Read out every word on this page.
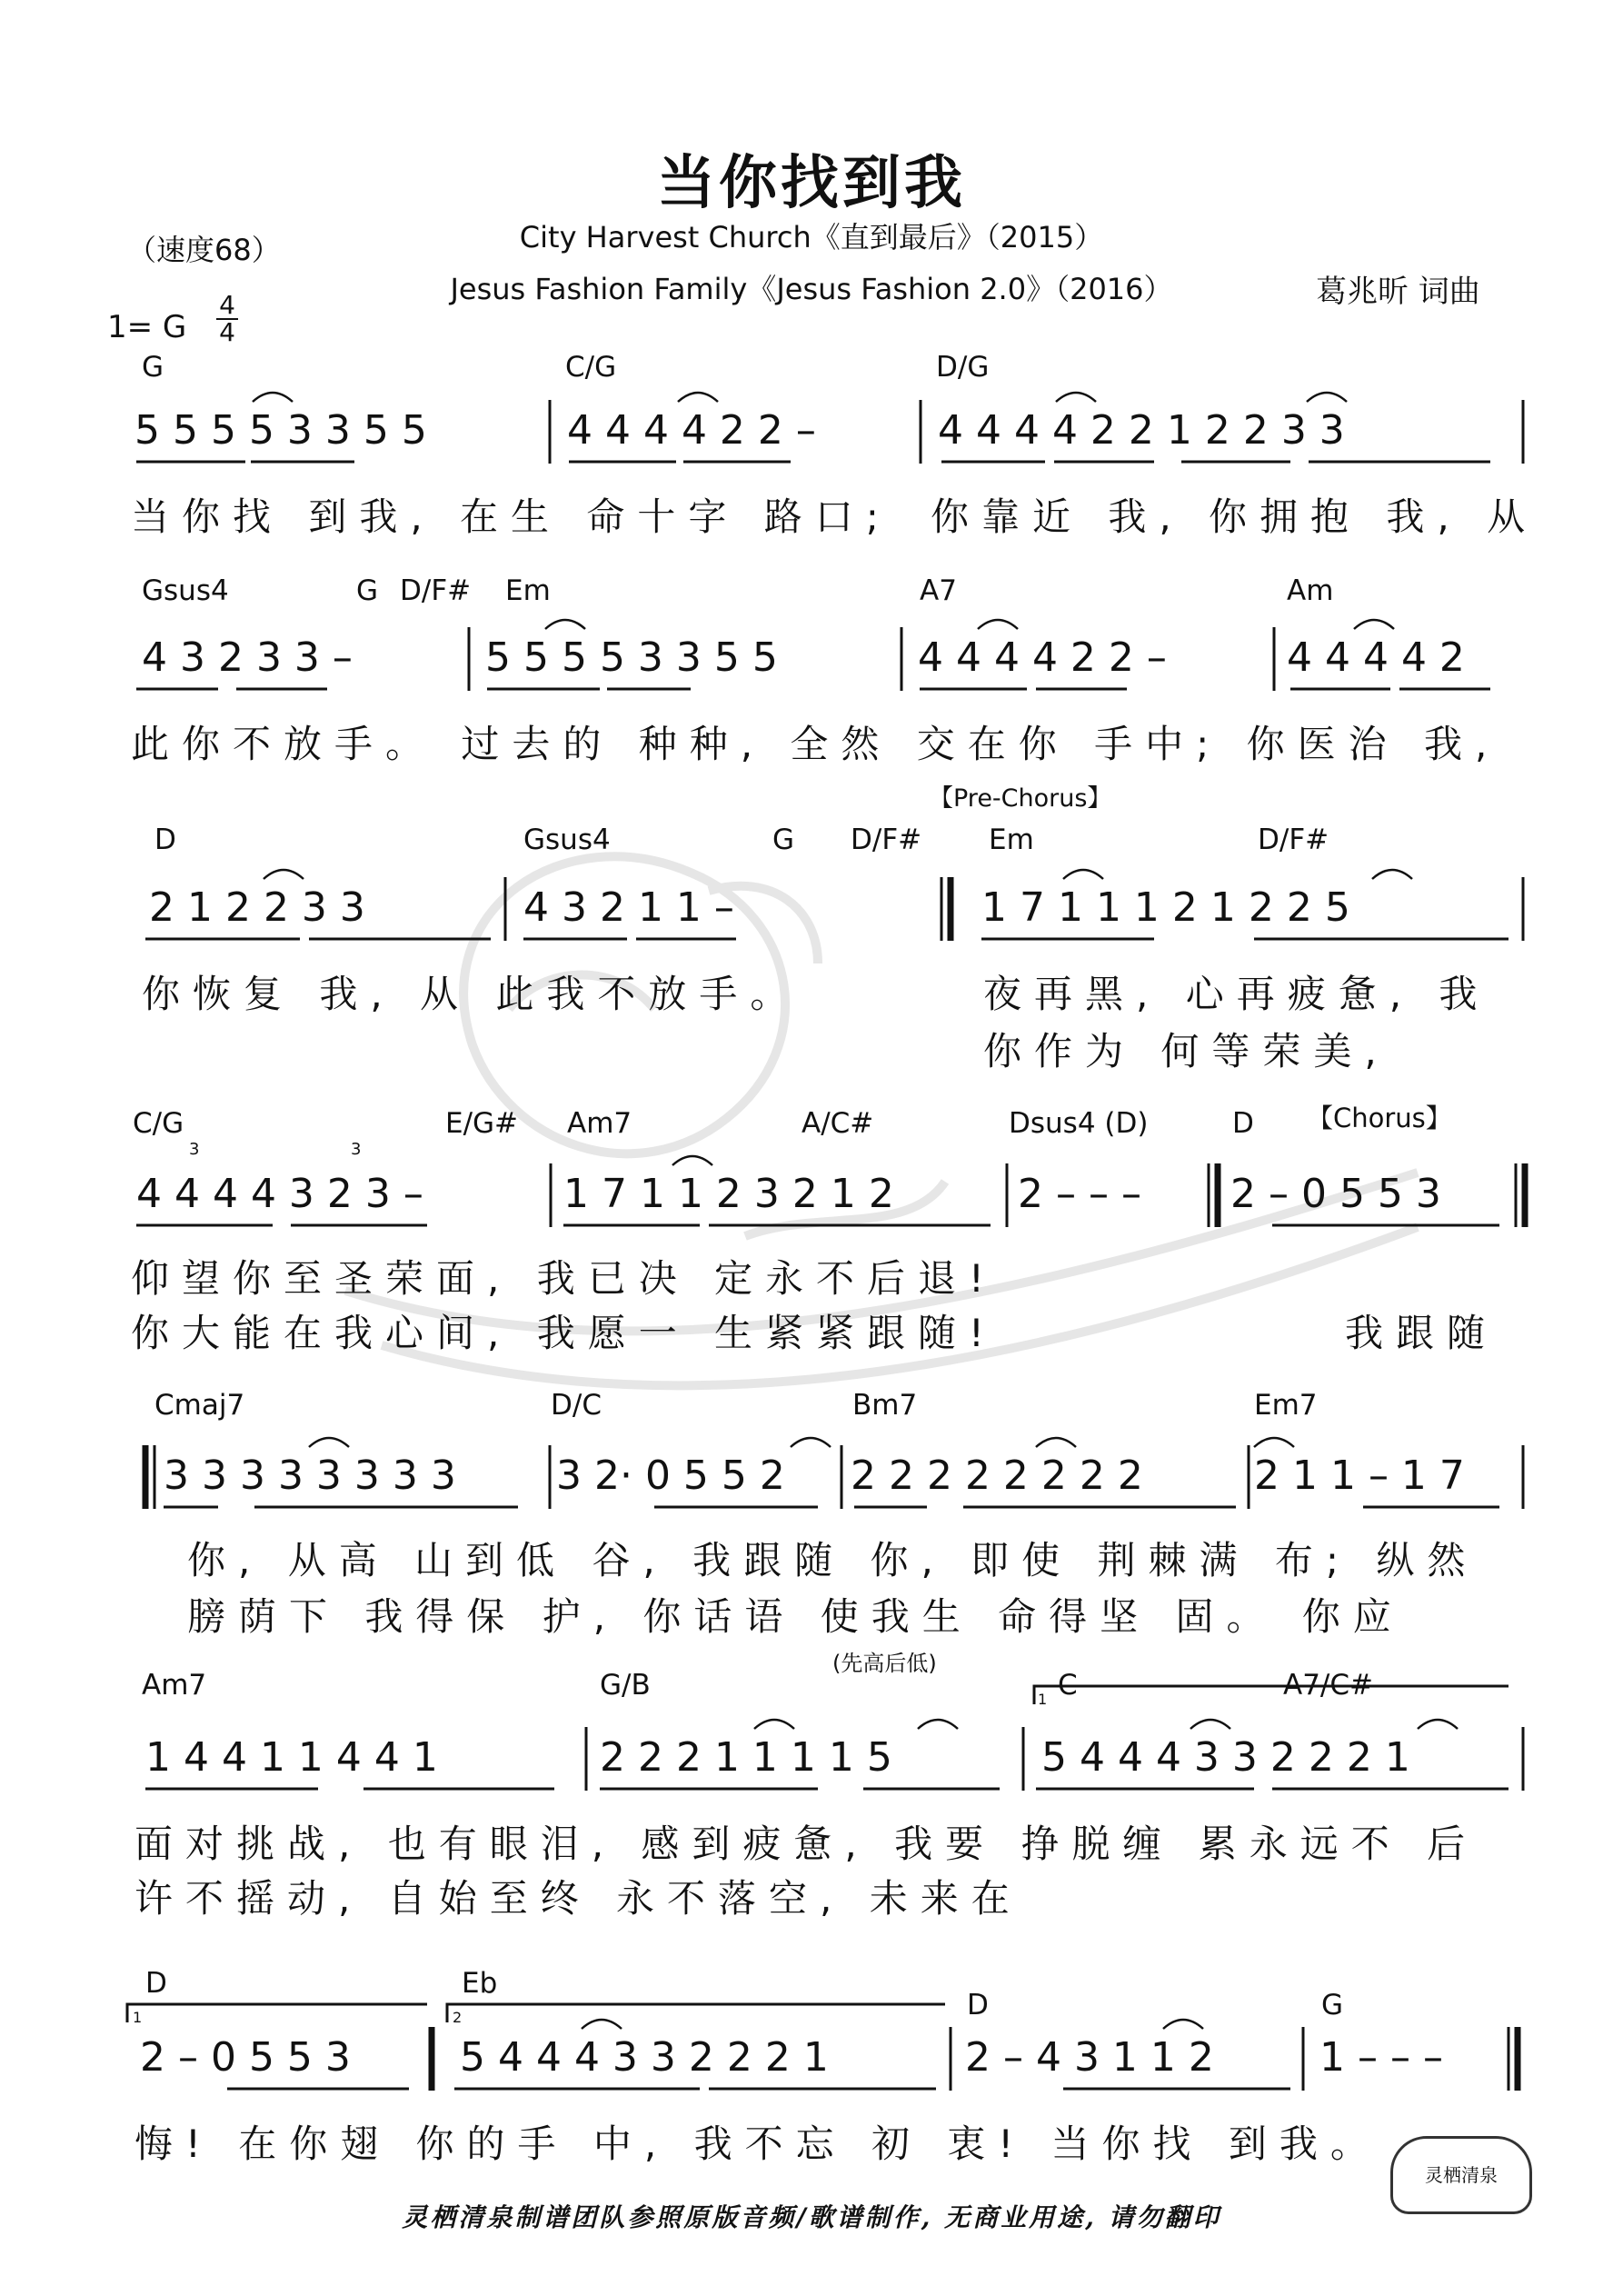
当你找到我
（速度68）	City Harvest Church《直到最后》（2015）
Jesus Fashion Family《Jesus Fashion 2.0》（2016）	葛兆昕 词曲
1= G
4
4
【Pre-Chorus】
【Chorus】
(先高后低)
G	C/G	D/G
5 5 5 5 3 3 5 5	4 4 4 4 2 2 –	4 4 4 4 2 2 1 2 2 3 3
当你找 到我, 在生 命十字 路口; 你靠近 我, 你拥抱 我, 从
Gsus4	G D/F# Em	A7	Am
4 3 2 3 3 –	5 5 5 5 3 3 5 5	4 4 4 4 2 2 –	4 4 4 4 2
此你不放手。 过去的 种种, 全然 交在你 手中; 你医治 我,
D	Gsus4	G D/F# Em	D/F#
2 1 2 2 3 3	4 3 2 1 1 –	1 7 1 1 1 2 1 2 2 5
你恢复 我, 从 此我不放手。	夜再黑, 心再疲惫, 我
你作为 何等荣美,
C/G	E/G# Am7	A/C#	Dsus4 (D)	D
3	3
4 4 4 4 3 2 3 –	1 7 1 1 2 3 2 1 2	2 – – – 2 – 0 5 5 3
仰望你至圣荣面, 我已决 定永不后退!
你大能在我心间, 我愿一 生紧紧跟随!	我跟随
Cmaj7	D/C	Bm7	Em7
3 3 3 3 3 3 3 3	3 2· 0 5 5 2 2 2 2 2 2 2 2 2	2 1 1 – 1 7
你, 从高 山到低 谷, 我跟随 你, 即使 荆棘满 布; 纵然
膀荫下 我得保 护, 你话语 使我生 命得坚 固。 你应
Am7	G/B	C	A7/C#
1
1 4 4 1 1 4 4 1	2 2 2 1 1 1 1 5	5 4 4 4 3 3 2 2 2 1
面对挑战, 也有眼泪, 感到疲惫, 我要 挣脱缠 累永远不 后
许不摇动, 自始至终 永不落空, 未来在
D	Eb
D	G
1	2
2 – 0 5 5 3	5 4 4 4 3 3 2 2 2 1	2 – 4 3 1 1 2	1 – – –
悔! 在你翅 你的手 中, 我不忘 初 衷! 当你找 到我。
灵栖清泉制谱团队参照原版音频/歌谱制作, 无商业用途, 请勿翻印
灵栖清泉
